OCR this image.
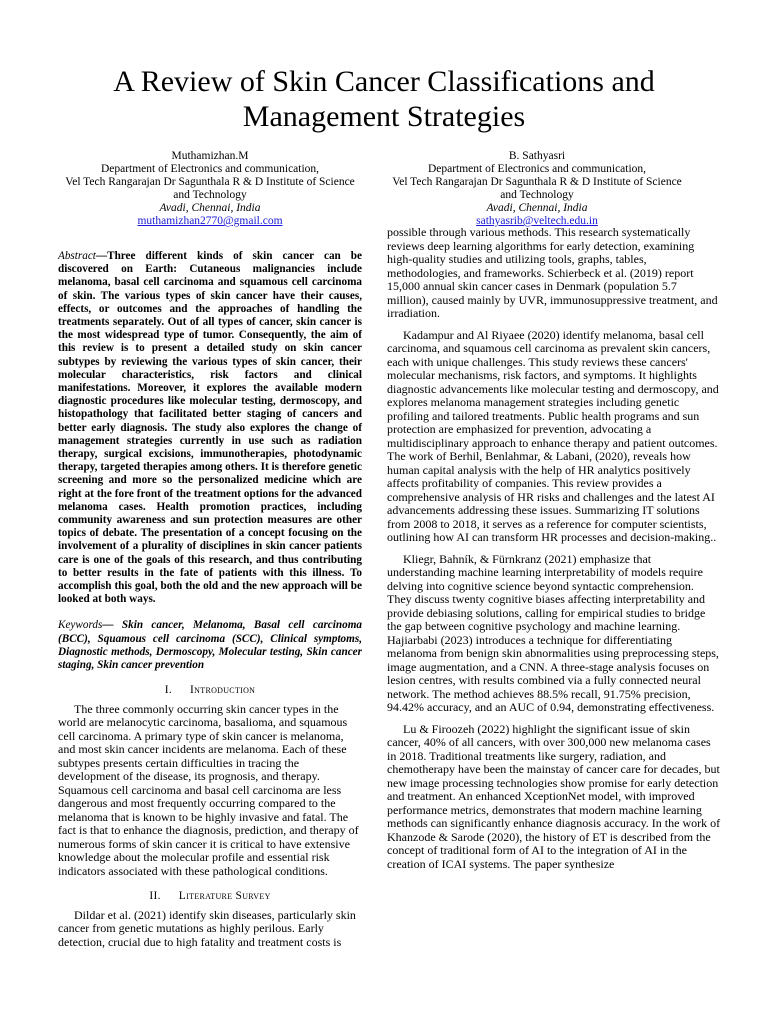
A Review of Skin Cancer Classifications and Management Strategies
Muthamizhan.M
Department of Electronics and communication,
Vel Tech Rangarajan Dr Sagunthala R & D Institute of Science and Technology
Avadi, Chennai, India
muthamizhan2770@gmail.com
B. Sathyasri
Department of Electronics and communication,
Vel Tech Rangarajan Dr Sagunthala R & D Institute of Science and Technology
Avadi, Chennai, India
sathyasrib@veltech.edu.in

Abstract—Three different kinds of skin cancer can be discovered on Earth: Cutaneous malignancies include melanoma, basal cell carcinoma and squamous cell carcinoma of skin. The various types of skin cancer have their causes, effects, or outcomes and the approaches of handling the treatments separately. Out of all types of cancer, skin cancer is the most widespread type of tumor. Consequently, the aim of this review is to present a detailed study on skin cancer subtypes by reviewing the various types of skin cancer, their molecular characteristics, risk factors and clinical manifestations. Moreover, it explores the available modern diagnostic procedures like molecular testing, dermoscopy, and histopathology that facilitated better staging of cancers and better early diagnosis. The study also explores the change of management strategies currently in use such as radiation therapy, surgical excisions, immunotherapies, photodynamic therapy, targeted therapies among others. It is therefore genetic screening and more so the personalized medicine which are right at the fore front of the treatment options for the advanced melanoma cases. Health promotion practices, including community awareness and sun protection measures are other topics of debate. The presentation of a concept focusing on the involvement of a plurality of disciplines in skin cancer patients care is one of the goals of this research, and thus contributing to better results in the fate of patients with this illness. To accomplish this goal, both the old and the new approach will be looked at both ways.

Keywords— Skin cancer, Melanoma, Basal cell carcinoma (BCC), Squamous cell carcinoma (SCC), Clinical symptoms, Diagnostic methods, Dermoscopy, Molecular testing, Skin cancer staging, Skin cancer prevention

I. Introduction

The three commonly occurring skin cancer types in the world are melanocytic carcinoma, basalioma, and squamous cell carcinoma. A primary type of skin cancer is melanoma, and most skin cancer incidents are melanoma. Each of these subtypes presents certain difficulties in tracing the development of the disease, its prognosis, and therapy. Squamous cell carcinoma and basal cell carcinoma are less dangerous and most frequently occurring compared to the melanoma that is known to be highly invasive and fatal. The fact is that to enhance the diagnosis, prediction, and therapy of numerous forms of skin cancer it is critical to have extensive knowledge about the molecular profile and essential risk indicators associated with these pathological conditions.

II. Literature Survey

Dildar et al. (2021) identify skin diseases, particularly skin cancer from genetic mutations as highly perilous. Early detection, crucial due to high fatality and treatment costs is

possible through various methods. This research systematically reviews deep learning algorithms for early detection, examining high-quality studies and utilizing tools, graphs, tables, methodologies, and frameworks. Schierbeck et al. (2019) report 15,000 annual skin cancer cases in Denmark (population 5.7 million), caused mainly by UVR, immunosuppressive treatment, and irradiation.

Kadampur and Al Riyaee (2020) identify melanoma, basal cell carcinoma, and squamous cell carcinoma as prevalent skin cancers, each with unique challenges. This study reviews these cancers' molecular mechanisms, risk factors, and symptoms. It highlights diagnostic advancements like molecular testing and dermoscopy, and explores melanoma management strategies including genetic profiling and tailored treatments. Public health programs and sun protection are emphasized for prevention, advocating a multidisciplinary approach to enhance therapy and patient outcomes. The work of Berhil, Benlahmar, & Labani, (2020), reveals how human capital analysis with the help of HR analytics positively affects profitability of companies. This review provides a comprehensive analysis of HR risks and challenges and the latest AI advancements addressing these issues. Summarizing IT solutions from 2008 to 2018, it serves as a reference for computer scientists, outlining how AI can transform HR processes and decision-making..

Kliegr, Bahník, & Fürnkranz (2021) emphasize that understanding machine learning interpretability of models require delving into cognitive science beyond syntactic comprehension. They discuss twenty cognitive biases affecting interpretability and provide debiasing solutions, calling for empirical studies to bridge the gap between cognitive psychology and machine learning. Hajiarbabi (2023) introduces a technique for differentiating melanoma from benign skin abnormalities using preprocessing steps, image augmentation, and a CNN. A three-stage analysis focuses on lesion centres, with results combined via a fully connected neural network. The method achieves 88.5% recall, 91.75% precision, 94.42% accuracy, and an AUC of 0.94, demonstrating effectiveness.

Lu & Firoozeh (2022) highlight the significant issue of skin cancer, 40% of all cancers, with over 300,000 new melanoma cases in 2018. Traditional treatments like surgery, radiation, and chemotherapy have been the mainstay of cancer care for decades, but new image processing technologies show promise for early detection and treatment. An enhanced XceptionNet model, with improved performance metrics, demonstrates that modern machine learning methods can significantly enhance diagnosis accuracy. In the work of Khanzode & Sarode (2020), the history of ET is described from the concept of traditional form of AI to the integration of AI in the creation of ICAI systems. The paper synthesize
